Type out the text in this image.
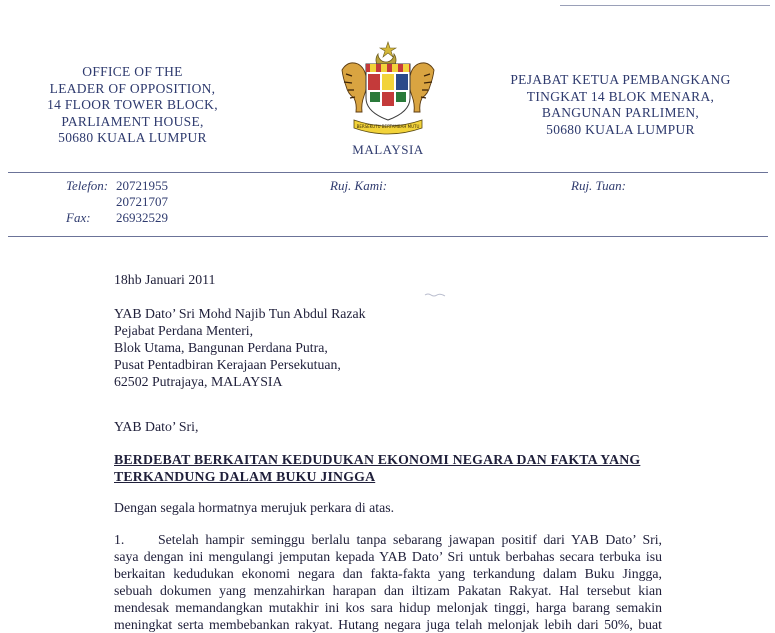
OFFICE OF THE
LEADER OF OPPOSITION,
14 FLOOR TOWER BLOCK,
PARLIAMENT HOUSE,
50680 KUALA LUMPUR
BERSEKUTU BERTAMBAH MUTU
MALAYSIA
PEJABAT KETUA PEMBANGKANG
TINGKAT 14 BLOK MENARA,
BANGUNAN PARLIMEN,
50680 KUALA LUMPUR
Telefon:

Fax:
20721955
20721707
26932529
Ruj. Kami:	Ruj. Tuan:
18hb Januari 2011
YAB Dato’ Sri Mohd Najib Tun Abdul Razak
Pejabat Perdana Menteri,
Blok Utama, Bangunan Perdana Putra,
Pusat Pentadbiran Kerajaan Persekutuan,
62502 Putrajaya, MALAYSIA
YAB Dato’ Sri,
BERDEBAT BERKAITAN KEDUDUKAN EKONOMI NEGARA DAN FAKTA YANG
TERKANDUNG DALAM BUKU JINGGA
Dengan segala hormatnya merujuk perkara di atas.
1. Setelah hampir seminggu berlalu tanpa sebarang jawapan positif dari YAB Dato’ Sri,
saya dengan ini mengulangi jemputan kepada YAB Dato’ Sri untuk berbahas secara terbuka isu
berkaitan kedudukan ekonomi negara dan fakta-fakta yang terkandung dalam Buku Jingga,
sebuah dokumen yang menzahirkan harapan dan iltizam Pakatan Rakyat. Hal tersebut kian
mendesak memandangkan mutakhir ini kos sara hidup melonjak tinggi, harga barang semakin
meningkat serta membebankan rakyat. Hutang negara juga telah melonjak lebih dari 50%, buat
